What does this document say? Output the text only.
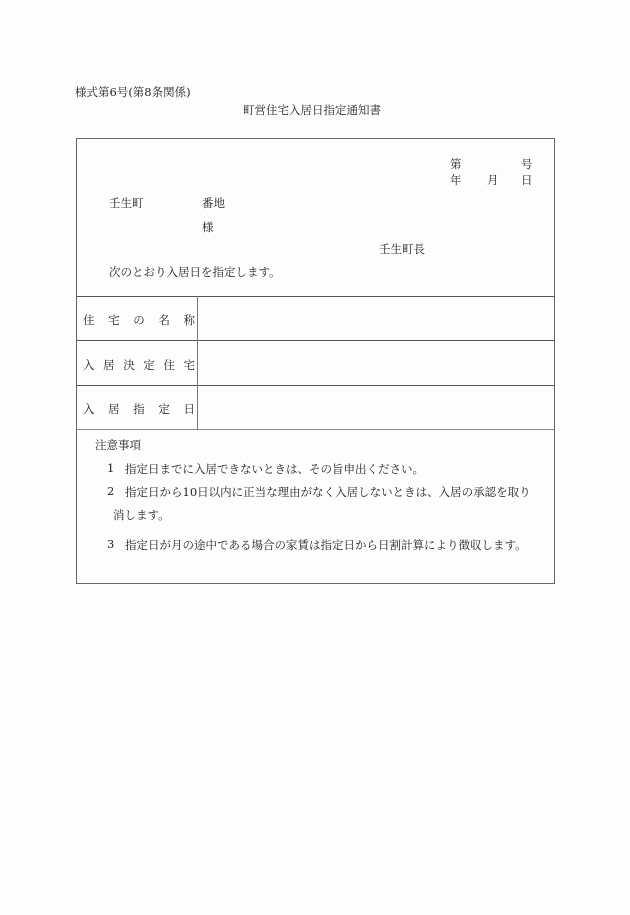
様式第6号(第8条関係)
町営住宅入居日指定通知書
第	号
年 月 日
壬生町	番地
様
壬生町長
次のとおり入居日を指定します。
住 宅 の 名 称
入 居 決 定 住 宅
入 居 指 定 日
注意事項
1 指定日までに入居できないときは、その旨申出ください。
2 指定日から10日以内に正当な理由がなく入居しないときは、入居の承認を取り
消します。
3 指定日が月の途中である場合の家賃は指定日から日割計算により徴収します。
